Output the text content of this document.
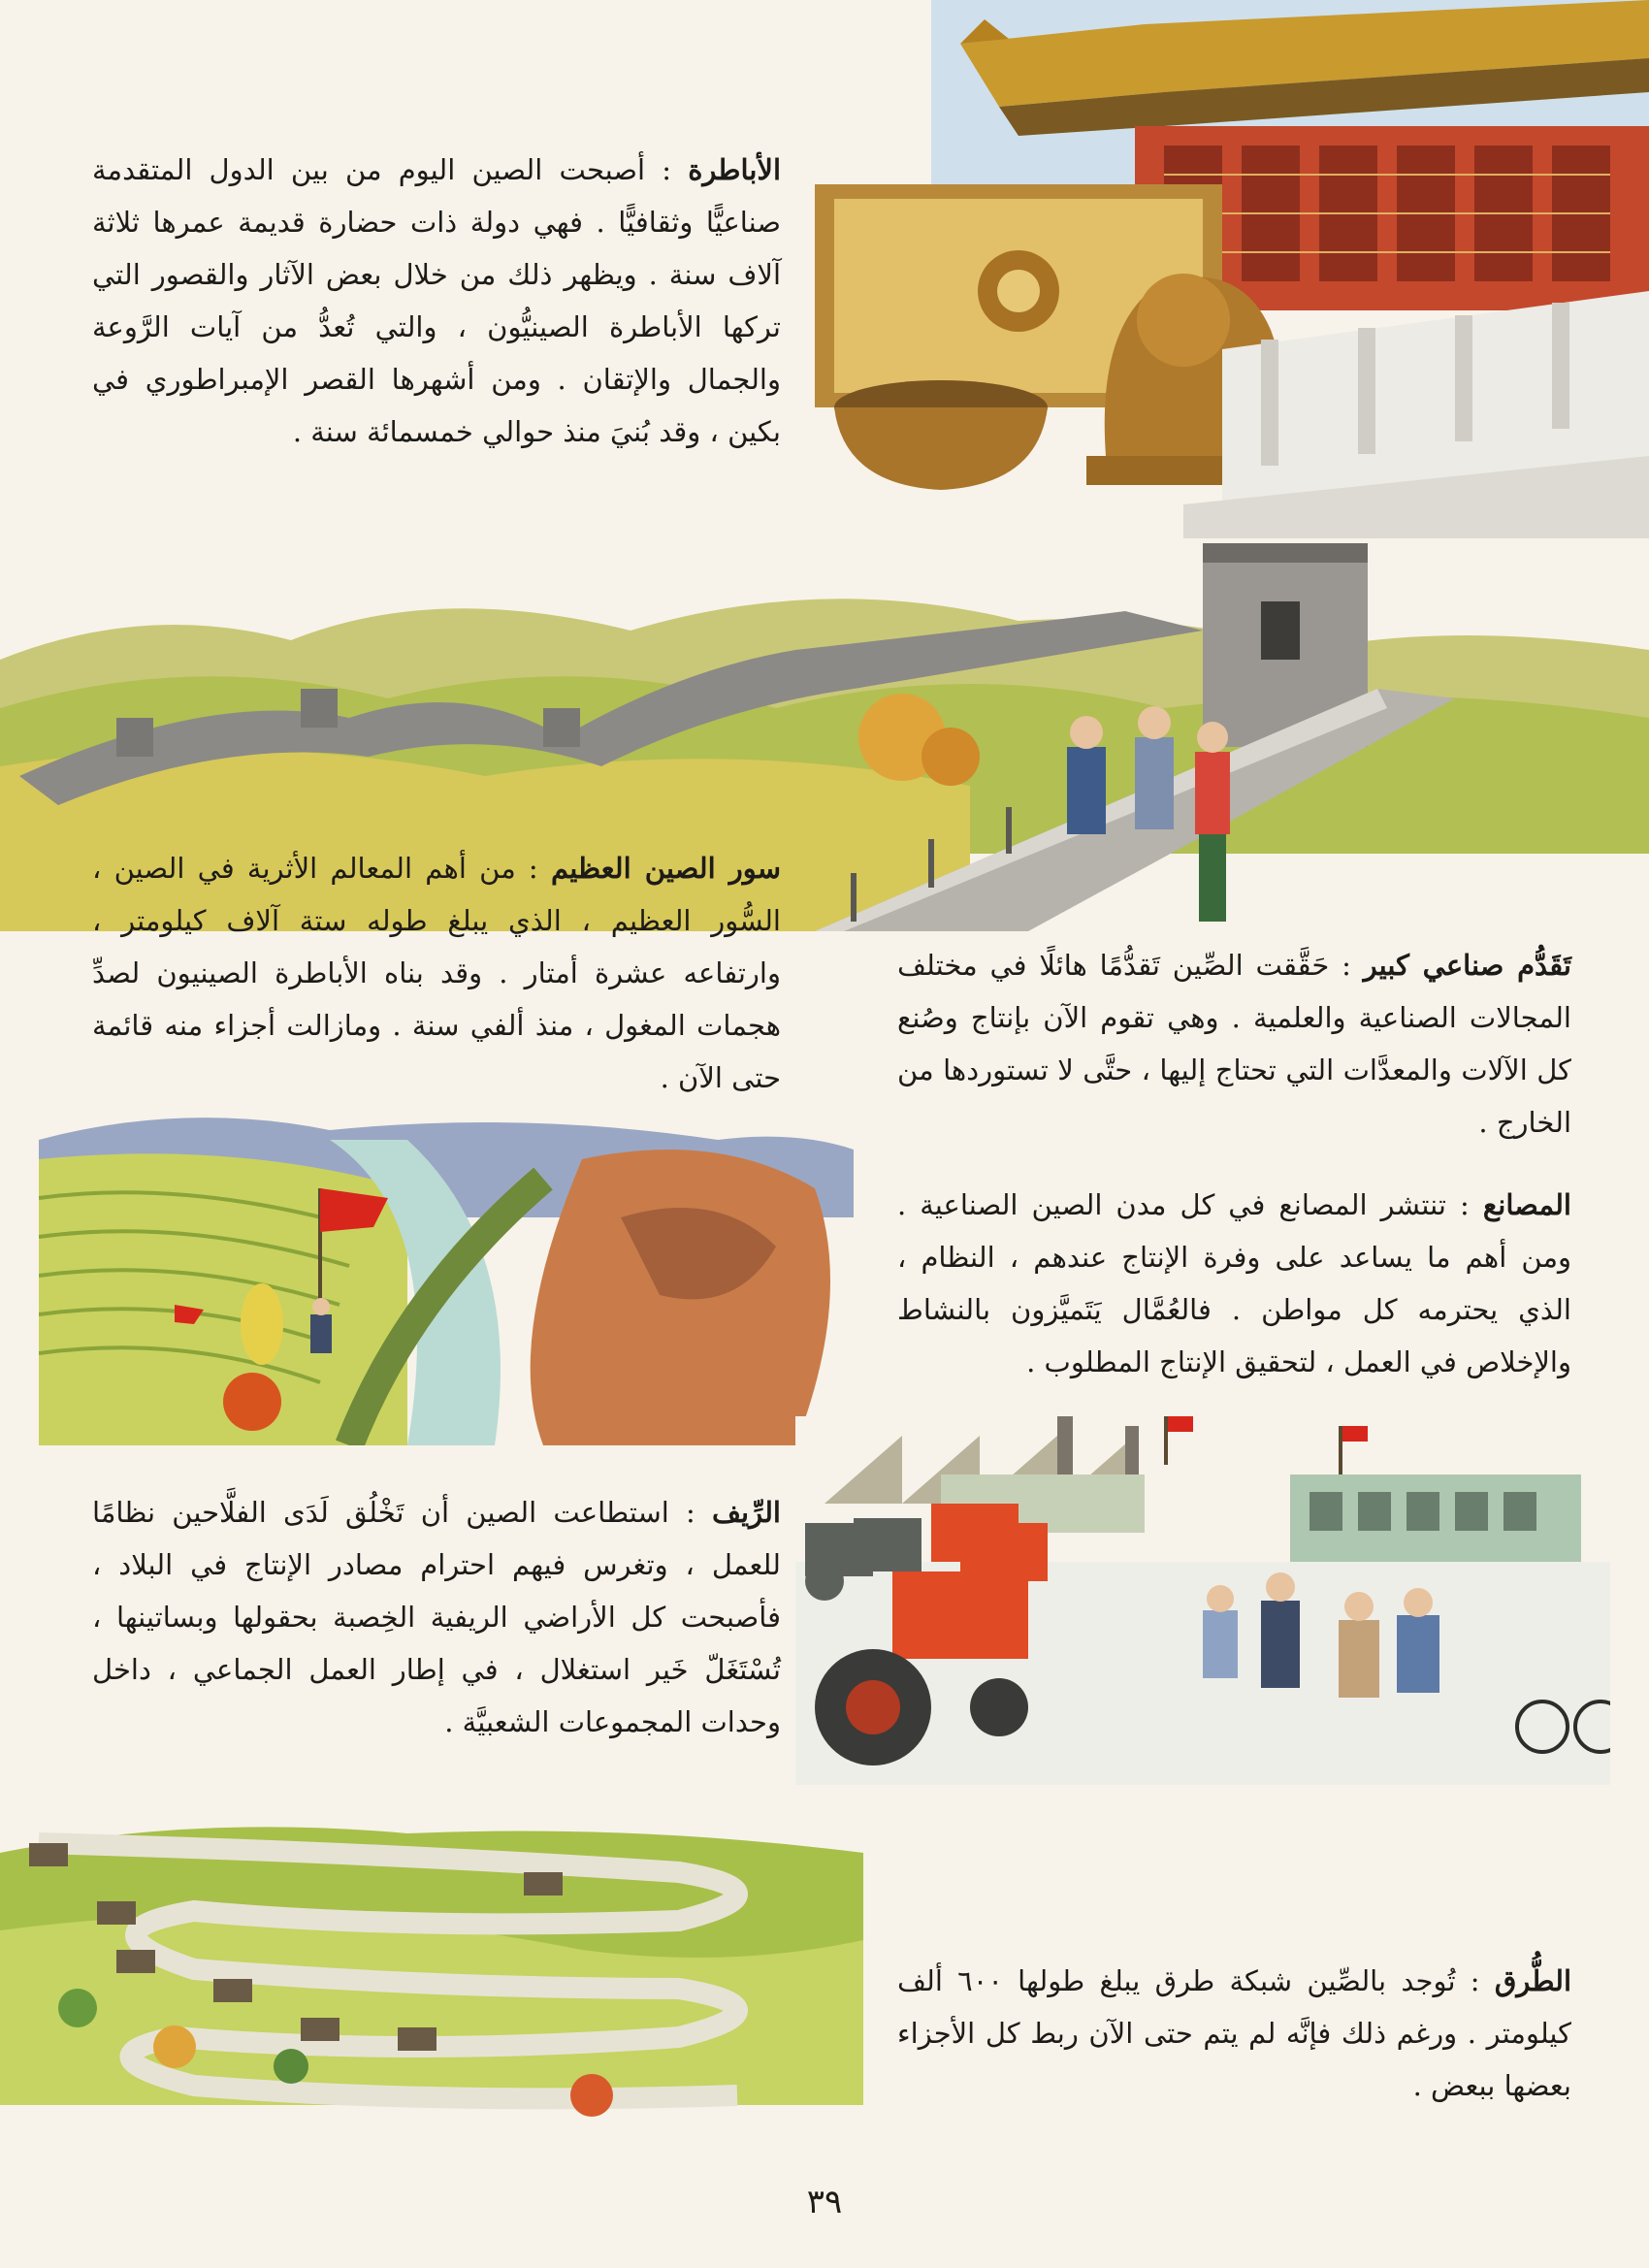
الأباطرة : أصبحت الصين اليوم من بين الدول المتقدمة صناعيًّا وثقافيًّا . فهي دولة ذات حضارة قديمة عمرها ثلاثة آلاف سنة . ويظهر ذلك من خلال بعض الآثار والقصور التي تركها الأباطرة الصينيُّون ، والتي تُعدُّ من آيات الرَّوعة والجمال والإتقان . ومن أشهرها القصر الإمبراطوري في بكين ، وقد بُنيَ منذ حوالي خمسمائة سنة .
سور الصين العظيم : من أهم المعالم الأثرية في الصين ، السُّور العظيم ، الذي يبلغ طوله ستة آلاف كيلومتر ، وارتفاعه عشرة أمتار . وقد بناه الأباطرة الصينيون لصدِّ هجمات المغول ، منذ ألفي سنة . ومازالت أجزاء منه قائمة حتى الآن .
تَقَدُّم صناعي كبير : حَقَّقت الصِّين تَقدُّمًا هائلًا في مختلف المجالات الصناعية والعلمية . وهي تقوم الآن بإنتاج وصُنع كل الآلات والمعدَّات التي تحتاج إليها ، حتَّى لا تستوردها من الخارج .
المصانع : تنتشر المصانع في كل مدن الصين الصناعية . ومن أهم ما يساعد على وفرة الإنتاج عندهم ، النظام ، الذي يحترمه كل مواطن . فالعُمَّال يَتَميَّزون بالنشاط والإخلاص في العمل ، لتحقيق الإنتاج المطلوب .
الرِّيف : استطاعت الصين أن تَخْلُق لَدَى الفلَّاحين نظامًا للعمل ، وتغرس فيهم احترام مصادر الإنتاج في البلاد ، فأصبحت كل الأراضي الريفية الخِصبة بحقولها وبساتينها ، تُسْتَغَلّ خَير استغلال ، في إطار العمل الجماعي ، داخل وحدات المجموعات الشعبيَّة .
الطُّرق : تُوجد بالصِّين شبكة طرق يبلغ طولها ٦٠٠ ألف كيلومتر . ورغم ذلك فإنَّه لم يتم حتى الآن ربط كل الأجزاء بعضها ببعض .
٣٩
